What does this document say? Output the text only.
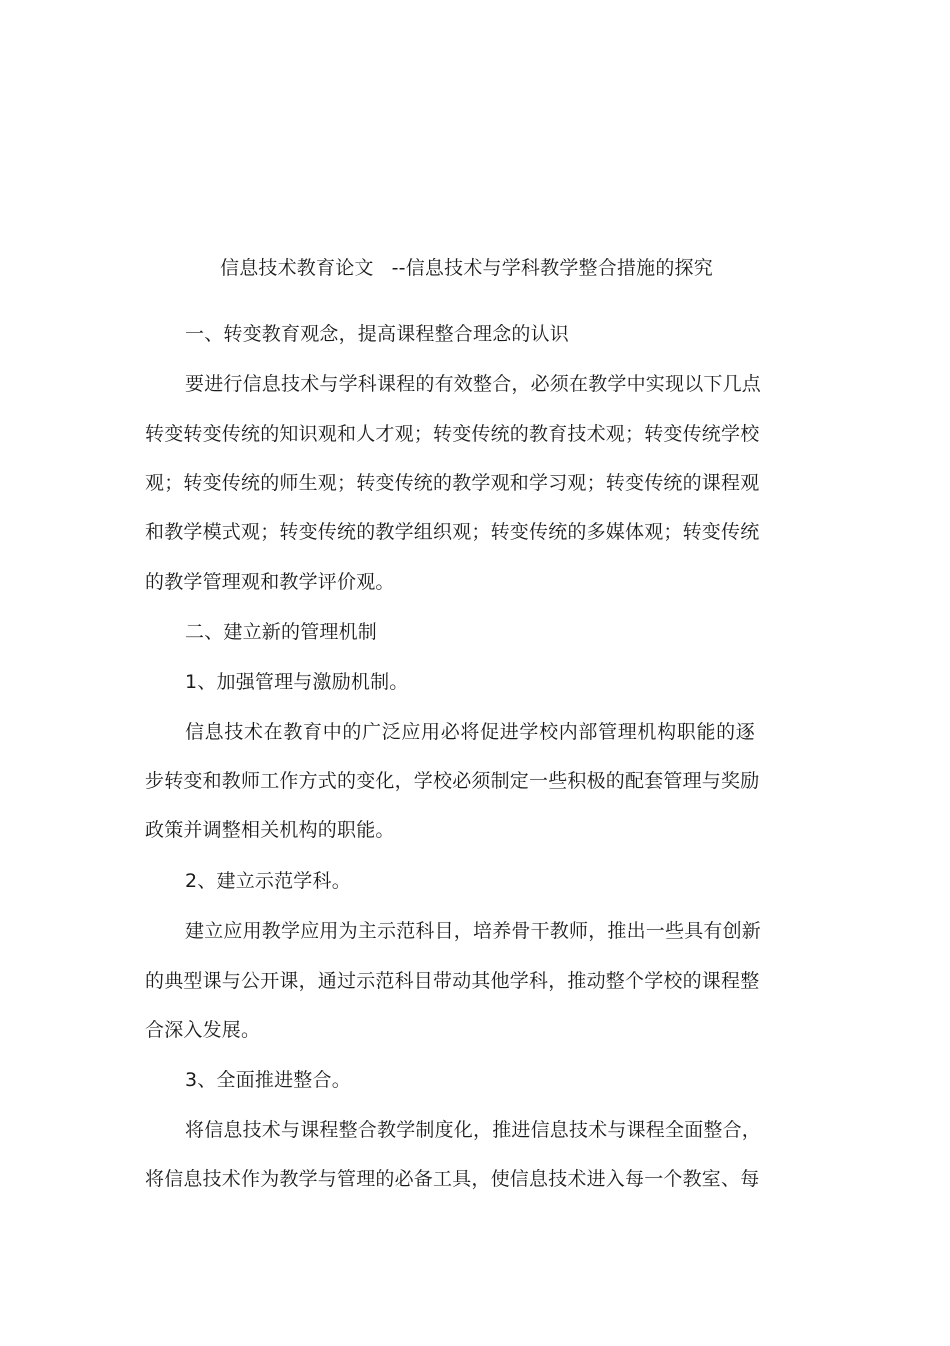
信息技术教育论文 --信息技术与学科教学整合措施的探究
一、转变教育观念，提高课程整合理念的认识
要进行信息技术与学科课程的有效整合，必须在教学中实现以下几点
转变转变传统的知识观和人才观；转变传统的教育技术观；转变传统学校
观；转变传统的师生观；转变传统的教学观和学习观；转变传统的课程观
和教学模式观；转变传统的教学组织观；转变传统的多媒体观；转变传统
的教学管理观和教学评价观。
二、建立新的管理机制
1、加强管理与激励机制。
信息技术在教育中的广泛应用必将促进学校内部管理机构职能的逐
步转变和教师工作方式的变化，学校必须制定一些积极的配套管理与奖励
政策并调整相关机构的职能。
2、建立示范学科。
建立应用教学应用为主示范科目，培养骨干教师，推出一些具有创新
的典型课与公开课，通过示范科目带动其他学科，推动整个学校的课程整
合深入发展。
3、全面推进整合。
将信息技术与课程整合教学制度化，推进信息技术与课程全面整合，
将信息技术作为教学与管理的必备工具，使信息技术进入每一个教室、每
